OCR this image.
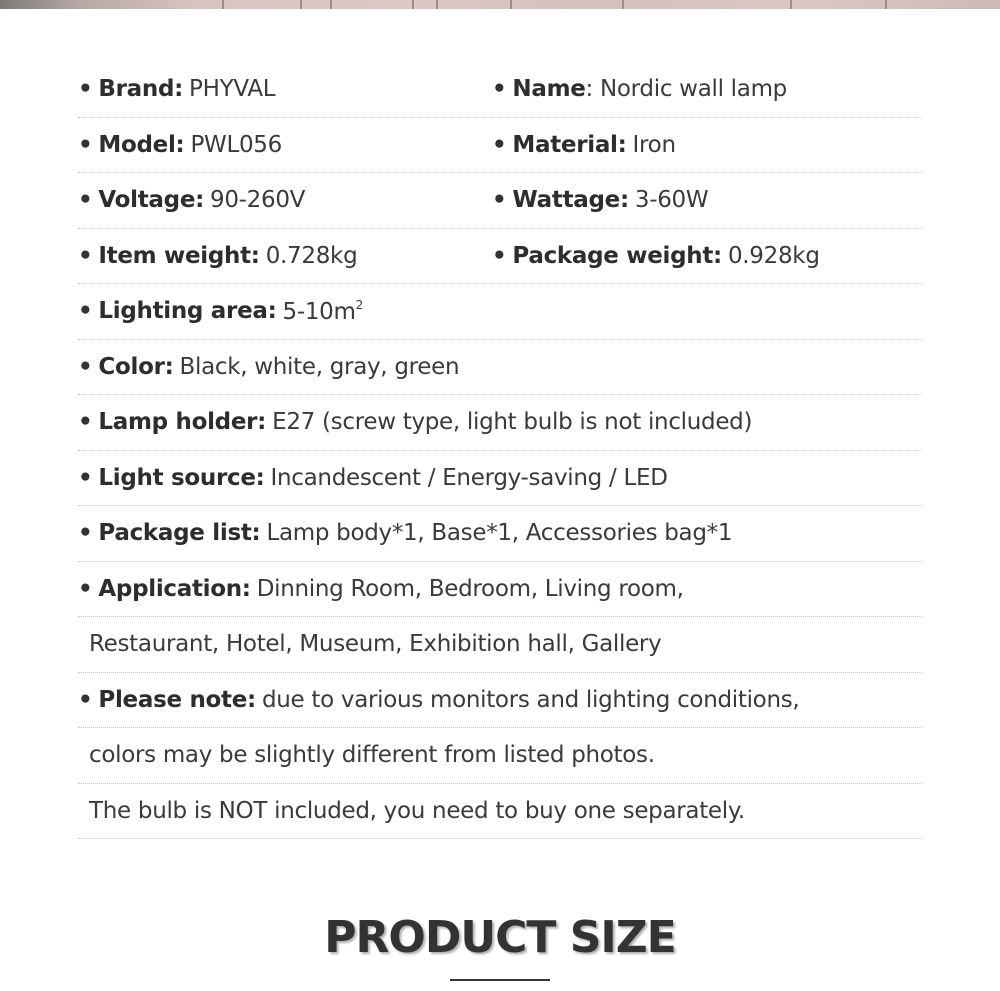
• Brand: PHYVAL	• Name : Nordic wall lamp
• Model: PWL056	• Material: Iron
• Voltage: 90-260V	• Wattage: 3-60W
• Item weight: 0.728kg	• Package weight: 0.928kg
• Lighting area: $5-10m^2$
• Color: Black, white, gray, green
• Lamp holder: E27 (screw type, light bulb is not included)
• Light source: Incandescent / Energy-saving / LED
• Package list: Lamp body*1, Base*1, Accessories bag*1
• Application: Dinning Room, Bedroom, Living room,
Restaurant, Hotel, Museum, Exhibition hall, Gallery
• Please note: due to various monitors and lighting conditions,
colors may be slightly different from listed photos.
The bulb is NOT included, you need to buy one separately.
PRODUCT SIZE
